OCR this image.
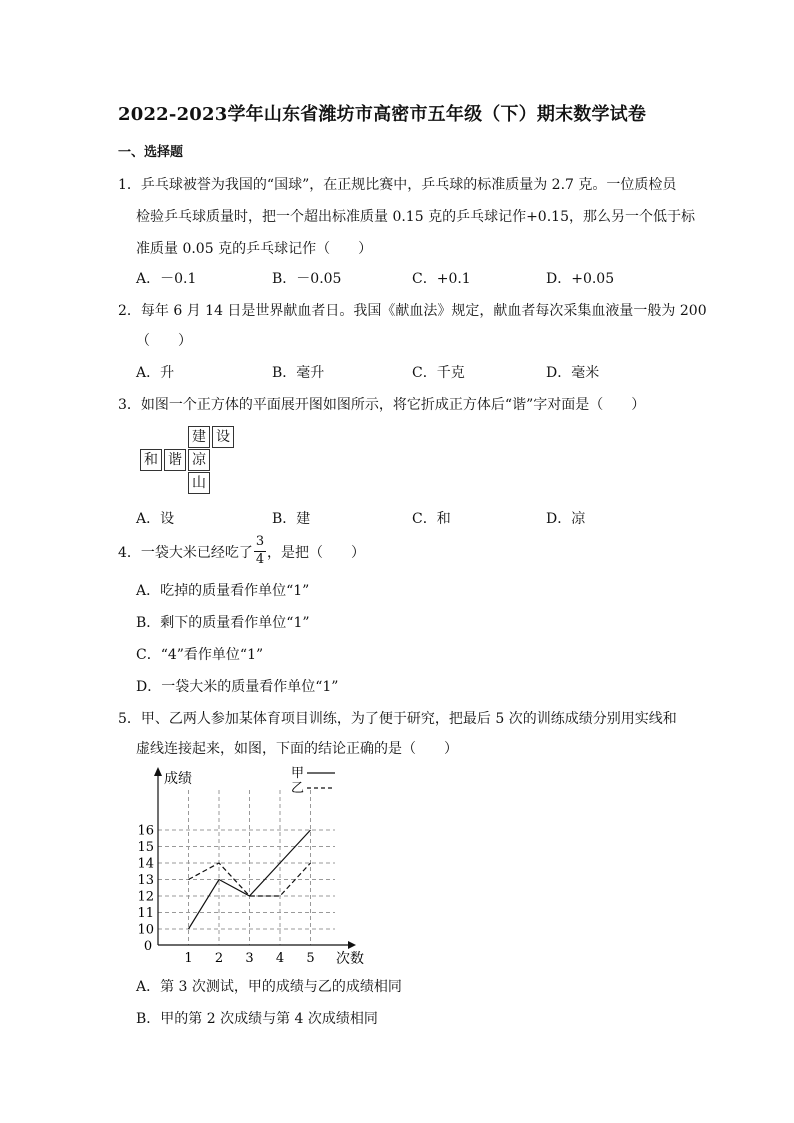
2022-2023学年山东省潍坊市高密市五年级（下）期末数学试卷
一、选择题
1．乒乓球被誉为我国的“国球”，在正规比赛中，乒乓球的标准质量为 2.7 克。一位质检员
检验乒乓球质量时，把一个超出标准质量 0.15 克的乒乓球记作+0.15，那么另一个低于标
准质量 0.05 克的乒乓球记作（　　）
A．－0.1	B．－0.05	C．+0.1	D．+0.05
2．每年 6 月 14 日是世界献血者日。我国《献血法》规定，献血者每次采集血液量一般为 200
（　　）
A．升	B．毫升	C．千克	D．毫米
3．如图一个正方体的平面展开图如图所示，将它折成正方体后“谐”字对面是（　　）
建 设
和 谐 凉
山
A．设	B．建	C．和	D．凉
4．一袋大米已经吃了
3
4 ，是把（　　）
A．吃掉的质量看作单位“1”
B．剩下的质量看作单位“1”
C．“4”看作单位“1”
D．一袋大米的质量看作单位“1”
5．甲、乙两人参加某体育项目训练，为了便于研究，把最后 5 次的训练成绩分别用实线和
虚线连接起来，如图，下面的结论正确的是（　　）
10
11
12
13
14
15
16
1 2 3 4 5
0
成绩
次数
甲
乙
A．第 3 次测试，甲的成绩与乙的成绩相同
B．甲的第 2 次成绩与第 4 次成绩相同
